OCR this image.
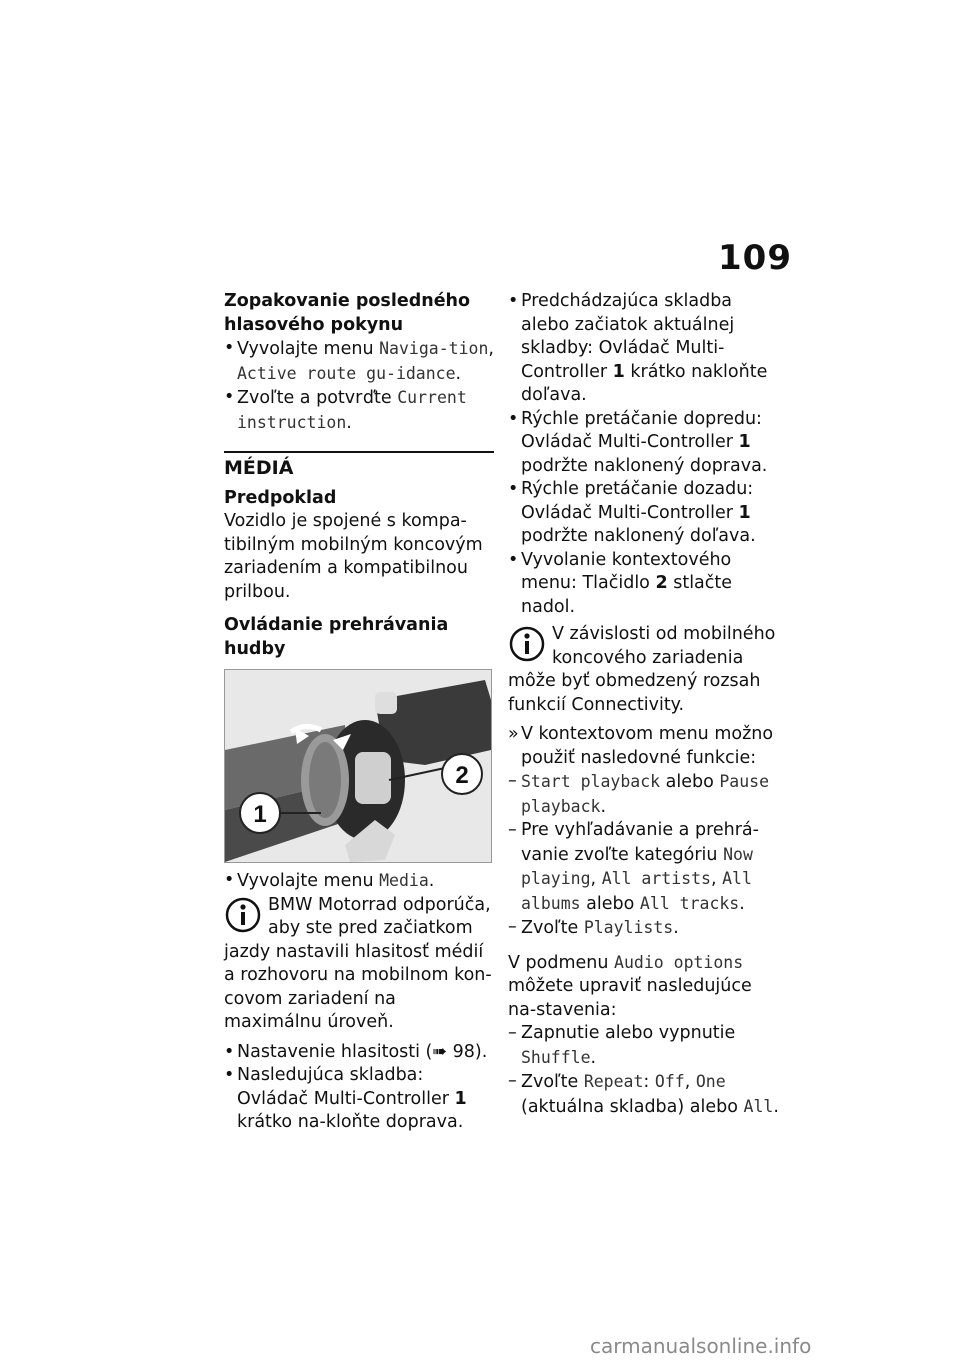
109
Zopakovanie posledného hlasového pokynu
• Vyvolajte menu Naviga-tion, Active route gu-idance.
• Zvoľte a potvrďte Current instruction.
MÉDIÁ
Predpoklad
Vozidlo je spojené s kompa-tibilným mobilným koncovým zariadením a kompatibilnou prilbou.
Ovládanie prehrávania hudby
1
2
• Vyvolajte menu Media.
BMW Motorrad odporúča, aby ste pred začiatkom jazdy nastavili hlasitosť médií a rozhovoru na mobilnom kon-covom zariadení na maximálnu úroveň.
• Nastavenie hlasitosti (➠ 98).
• Nasledujúca skladba: Ovládač Multi-Controller 1 krátko na-kloňte doprava.
• Predchádzajúca skladba alebo začiatok aktuálnej skladby: Ovládač Multi-Controller 1 krátko nakloňte doľava.
• Rýchle pretáčanie dopredu: Ovládač Multi-Controller 1 podržte naklonený doprava.
• Rýchle pretáčanie dozadu: Ovládač Multi-Controller 1 podržte naklonený doľava.
• Vyvolanie kontextového menu: Tlačidlo 2 stlačte nadol.
V závislosti od mobilného koncového zariadenia môže byť obmedzený rozsah funkcií Connectivity.
» V kontextovom menu možno použiť nasledovné funkcie:
– Start playback alebo Pause playback.
– Pre vyhľadávanie a prehrá-vanie zvoľte kategóriu Now playing, All artists, All albums alebo All tracks.
– Zvoľte Playlists.
V podmenu Audio options môžete upraviť nasledujúce na-stavenia:
– Zapnutie alebo vypnutie Shuffle.
– Zvoľte Repeat: Off, One (aktuálna skladba) alebo All.
carmanualsonline.info
